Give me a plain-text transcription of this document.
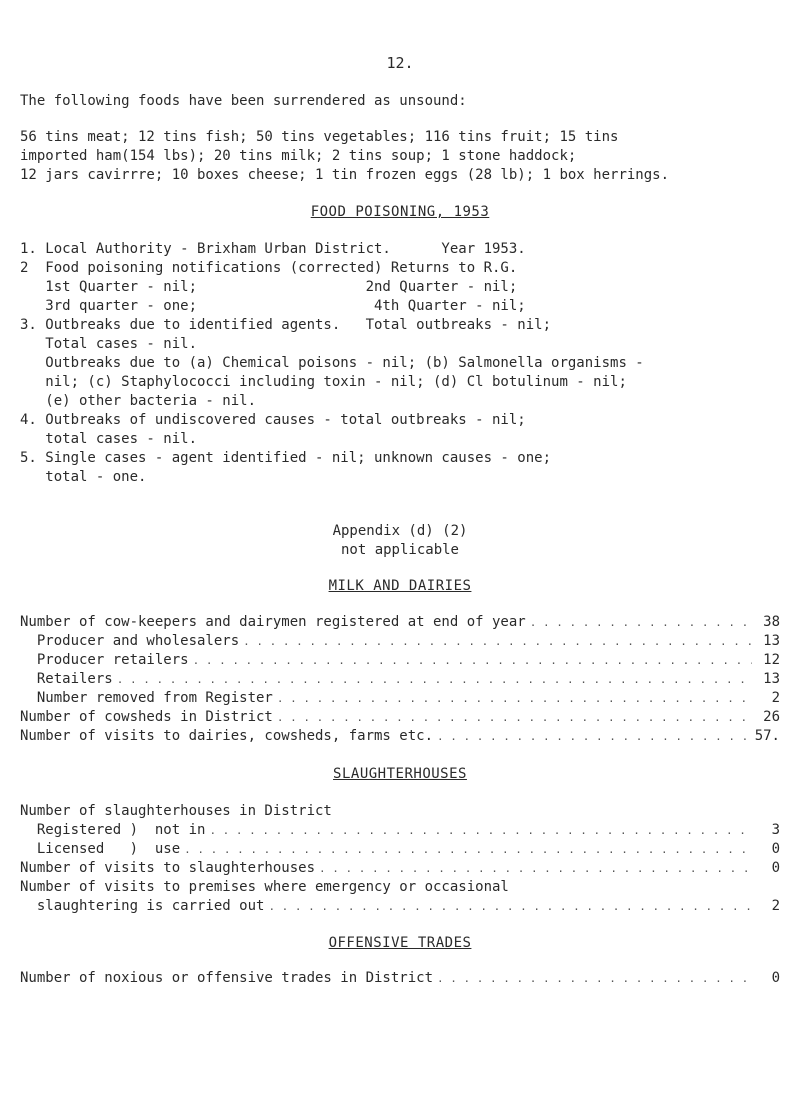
12.
The following foods have been surrendered as unsound:
56 tins meat; 12 tins fish; 50 tins vegetables; 116 tins fruit; 15 tins
imported ham(154 lbs); 20 tins milk; 2 tins soup; 1 stone haddock;
12 jars cavirrre; 10 boxes cheese; 1 tin frozen eggs (28 lb); 1 box herrings.
FOOD POISONING, 1953
1. Local Authority - Brixham Urban District.      Year 1953.
2  Food poisoning notifications (corrected) Returns to R.G.
1st Quarter - nil;                    2nd Quarter - nil;
3rd quarter - one;                     4th Quarter - nil;
3. Outbreaks due to identified agents.   Total outbreaks - nil;
Total cases - nil.
Outbreaks due to (a) Chemical poisons - nil; (b) Salmonella organisms -
nil; (c) Staphylococci including toxin - nil; (d) Cl botulinum - nil;
(e) other bacteria - nil.
4. Outbreaks of undiscovered causes - total outbreaks - nil;
total cases - nil.
5. Single cases - agent identified - nil; unknown causes - one;
total - one.
Appendix (d) (2)
not applicable
MILK AND DAIRIES
Number of cow-keepers and dairymen registered at end of year . . .	38
Producer and wholesalers . . .	13
Producer retailers . . .	12
Retailers . . .	13
Number removed from Register . . .	2
Number of cowsheds in District . . .	26
Number of visits to dairies, cowsheds, farms etc. . . .	57.
SLAUGHTERHOUSES
Number of slaughterhouses in District
Registered )  not in . . .	3
Licensed   )  use . . .	0
Number of visits to slaughterhouses . . .	0
Number of visits to premises where emergency or occasional
slaughtering is carried out . . .	2
OFFENSIVE TRADES
Number of noxious or offensive trades in District . . .	0
